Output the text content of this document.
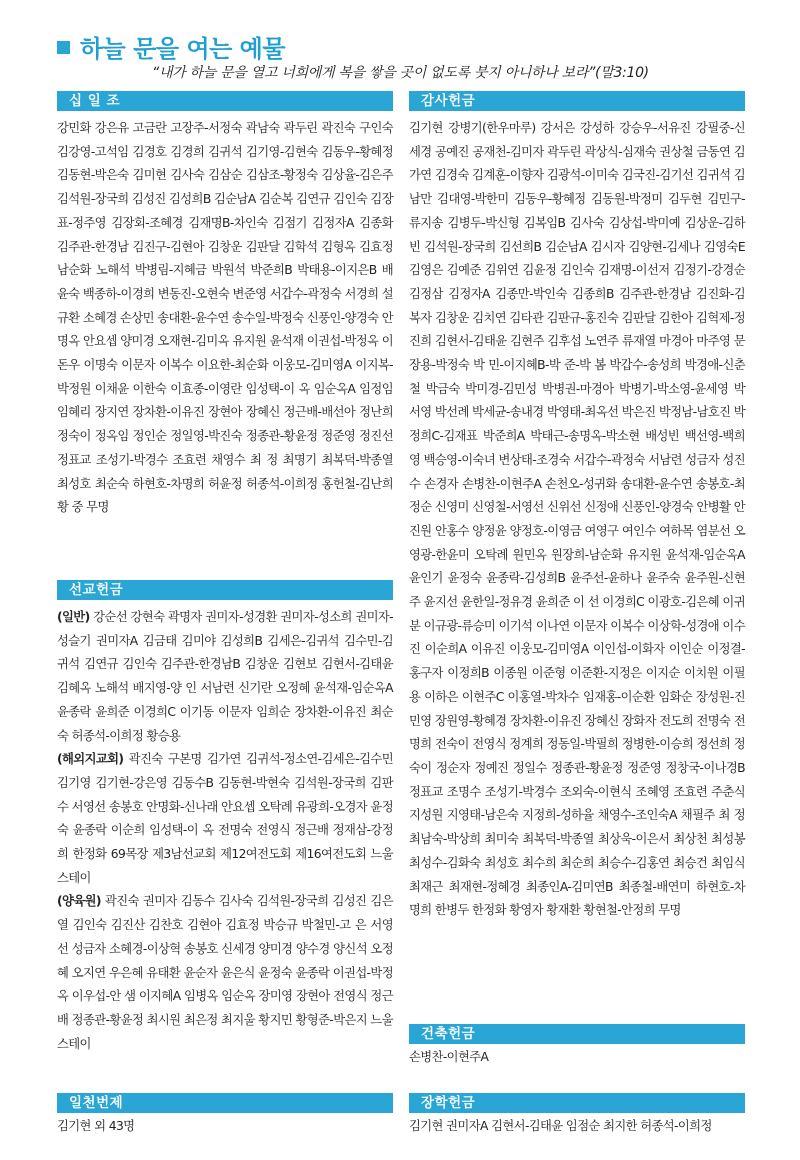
하늘 문을 여는 예물
“내가 하늘 문을 열고 너희에게 복을 쌓을 곳이 없도록 붓지 아니하나 보라”(말3:10)
십 일 조
강민화 강은유 고금란 고장주-서정숙 곽남숙 곽두린 곽진숙 구인숙 김강영-고석임 김경호 김경희 김귀석 김기영-김현숙 김동우-황혜정 김동현-박은숙 김미현 김사숙 김삼순 김삼조-황정숙 김상율-김은주 김석원-장국희 김성진 김성희B 김순남A 김순복 김연규 김인숙 김장표-정주영 김장회-조혜경 김재명B-차인숙 김점기 김정자A 김종화 김주관-한경남 김진구-김현아 김창운 김판달 김학석 김형옥 김효정 남순화 노해석 박병림-지혜금 박원석 박준희B 박태용-이지은B 배윤숙 백종하-이경희 변동진-오현숙 변준영 서갑수-곽정숙 서경희 설규환 소혜경 손상민 송대환-윤수연 송수일-박정숙 신풍인-양경숙 안명옥 안요셉 양미경 오재현-김미옥 유지원 윤석재 이권섭-박정옥 이돈우 이명숙 이문자 이복수 이요한-최순화 이웅모-김미영A 이지복-박정원 이채윤 이한숙 이효종-이영란 임성택-이 옥 임순옥A 임정임 임혜리 장지연 장차환-이유진 장현아 장혜신 정근배-배선아 정난희 정숙이 정옥임 정인순 정일영-박진숙 정종관-황윤정 정준영 정진선 정표교 조성기-박경수 조효련 채영수 최 정 최명기 최복덕-박종열 최성호 최순숙 하현호-차명희 허윤정 허종석-이희정 홍헌철-김난희 황 중 무명
선교헌금

(일반) 강순선 강현숙 곽명자 권미자-성경환 권미자-성소희 권미자-성슬기 권미자A 김금태 김미야 김성희B 김세은-김귀석 김수민-김귀석 김연규 김인숙 김주관-한경남B 김창운 김현보 김현서-김태윤 김혜옥 노해석 배지영-양 인 서남련 신기란 오정혜 윤석재-임순옥A 윤종락 윤희준 이경희C 이기동 이문자 임희순 장차환-이유진 최순숙 허종석-이희정 황승용

(해외지교회) 곽진숙 구본명 김가연 김귀석-정소연-김세은-김수민 김기영 김기현-강은영 김동수B 김동현-박현숙 김석원-장국희 김판수 서영선 송봉호 안명화-신나래 안요셉 오탁례 유광희-오경자 윤정숙 윤종락 이순희 임성택-이 옥 전명숙 전영식 정근배 정재삼-강정희 한정화 69목장 제3남선교회 제12여전도회 제16여전도회 느울스테이

(양육원) 곽진숙 권미자 김동수 김사숙 김석원-장국희 김성진 김은열 김인숙 김진산 김찬호 김현아 김효정 박승규 박철민-고 은 서영선 성금자 소혜경-이상혁 송봉호 신세경 양미경 양수경 양신석 오정혜 오지연 우은혜 유태환 윤순자 윤은식 윤정숙 윤종락 이권섭-박정옥 이우섭-안 샘 이지혜A 임병옥 임순옥 장미영 장현아 전영식 정근배 정종관-황윤정 최시원 최은정 최지울 황지민 황형준-박은지 느울스테이

일천번제
김기현 외 43명
감사헌금
김기현 강병기(한우마루) 강서은 강성하 강승우-서유진 강필중-신세경 공예진 공재천-김미자 곽두린 곽상식-심재숙 권상철 금동연 김가연 김경숙 김계훈-이향자 김광석-이미숙 김국진-김기선 김귀석 김남만 김대영-박한미 김동우-황혜정 김동원-박정미 김두현 김민구-류지송 김병두-박신형 김복임B 김사숙 김상섭-박미예 김상운-김하빈 김석원-장국희 김선희B 김순남A 김시자 김양현-김세나 김영숙E 김영은 김예준 김위연 김윤정 김인숙 김재명-이선저 김정기-강경순 김정삼 김정자A 김종만-박인숙 김종희B 김주관-한경남 김진화-김복자 김창운 김치연 김타관 김판규-홍진숙 김판달 김한아 김혁제-정진희 김현서-김태윤 김현주 김후섭 노연주 류재열 마경아 마주영 문장용-박정숙 박 민-이지혜B-박 준-박 봄 박갑수-송성희 박경애-신춘철 박금숙 박미경-김민성 박병권-마경아 박병기-박소영-윤세영 박서영 박선례 박세균-송내경 박영태-최옥선 박은진 박정남-남호진 박정희C-김재표 박준희A 박태근-송명옥-박소현 배성빈 백선영-백희영 백승영-이숙녀 변상태-조경숙 서갑수-곽정숙 서남련 성금자 성진수 손경자 손병찬-이현주A 손천오-성귀화 송대환-윤수연 송봉호-최정순 신영미 신영철-서영선 신위선 신정애 신풍인-양경숙 안병활 안진원 안홍수 양정윤 양정호-이영금 여영구 여인수 여하목 염분선 오영광-한윤미 오탁례 원민옥 원장희-남순화 유지원 윤석재-임순옥A 윤인기 윤정숙 윤종락-김성희B 윤주선-윤하나 윤주숙 윤주원-신현주 윤지선 윤한일-정유경 윤희준 이 선 이경희C 이광호-김은혜 이귀분 이규광-류승미 이기석 이나연 이문자 이복수 이상학-성경애 이수진 이순희A 이유진 이웅모-김미영A 이인섭-이화자 이인순 이정결-홍구자 이정희B 이종원 이준형 이준환-지정은 이지순 이치원 이필용 이하은 이현주C 이홍열-박차수 임재홍-이순환 임화순 장성원-진민영 장원영-황혜경 장차환-이유진 장혜신 장화자 전도희 전명숙 전명희 전숙이 전영식 정계희 정동일-박필희 정병한-이승희 정선희 정숙이 정순자 정예진 정일수 정종관-황윤정 정준영 정창국-이나경B 정표교 조명수 조성기-박경수 조외숙-이현식 조혜영 조효련 주춘식 지성원 지영태-남은숙 지정희-성하율 채영수-조인숙A 채필주 최 정 최남숙-박상희 최미숙 최복덕-박종열 최상욱-이은서 최상천 최성봉 최성수-김화숙 최성호 최수희 최순희 최승수-김홍연 최승건 최임식 최재근 최재현-정혜경 최종인A-김미연B 최종철-배연미 하현호-차명희 한병두 한정화 황영자 황재환 황현철-안정희 무명
건축헌금
손병찬-이현주A
장학헌금
김기현 권미자A 김현서-김태윤 임점순 최지한 허종석-이희정
